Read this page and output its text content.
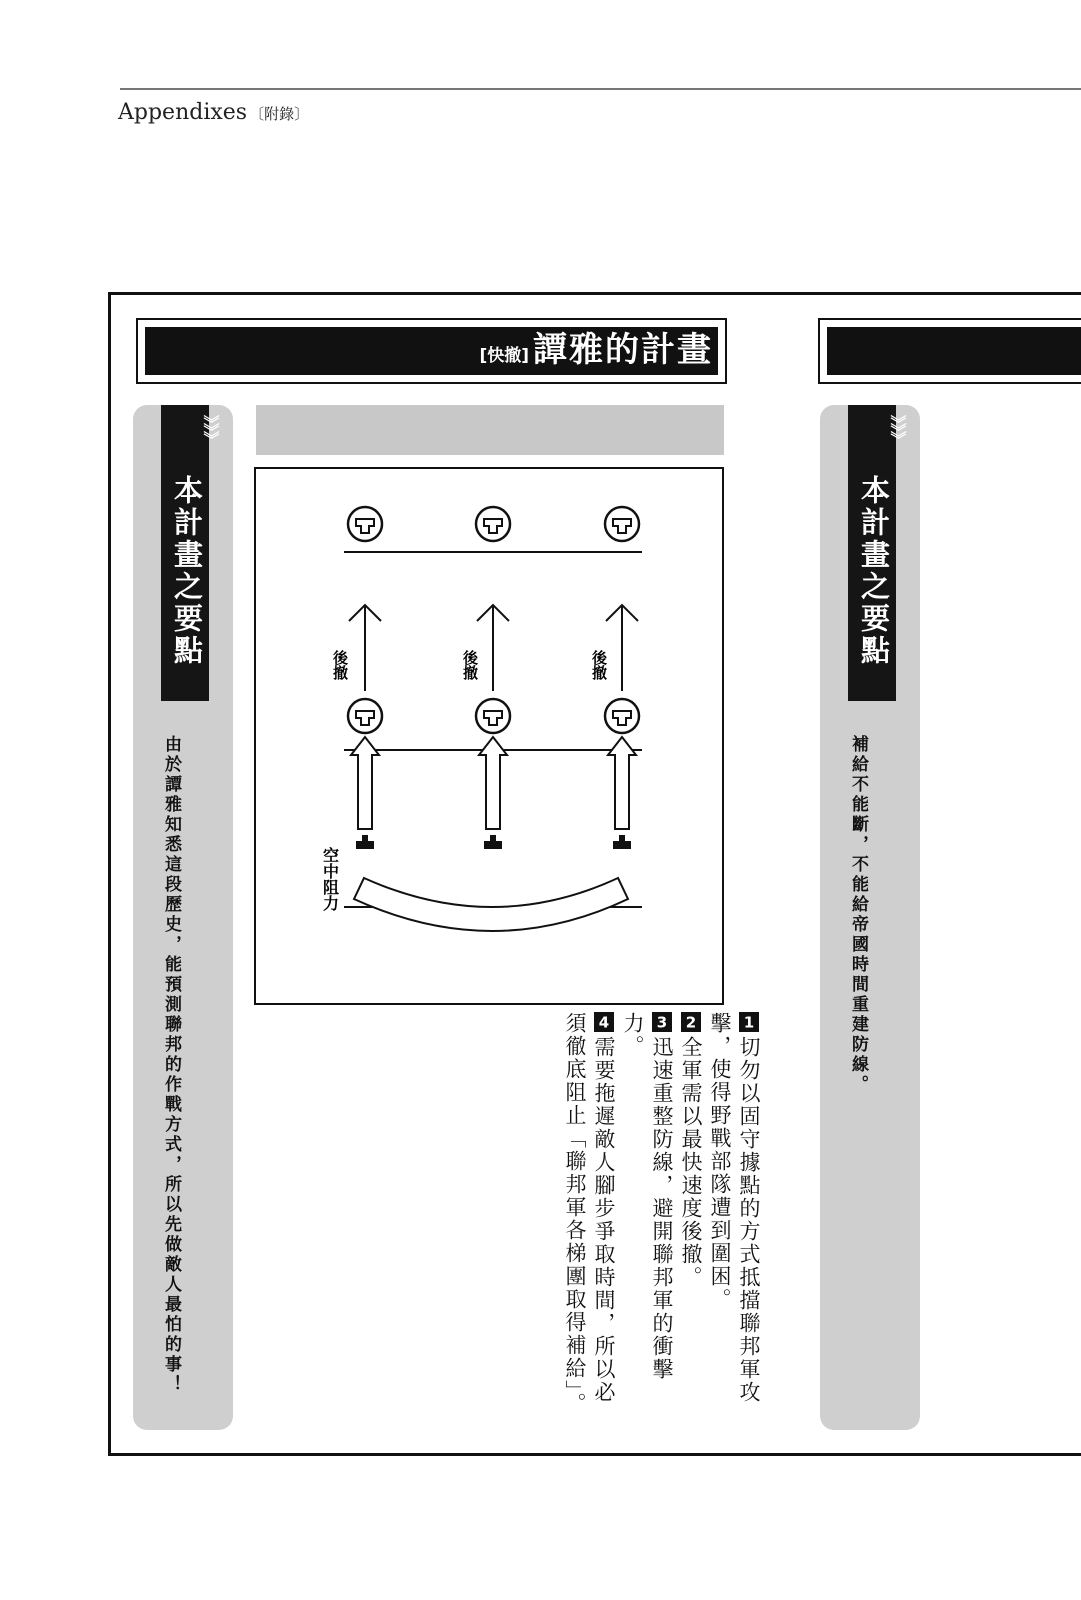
Appendixes 〔附錄〕
[快撤] 譚雅的計畫
》》》
本計畫之要點
由於譚雅知悉這段歷史，能預測聯邦的作戰方式，所以先做敵人最怕的事！
》》》
本計畫之要點
補給不能斷，不能給帝國時間重建防線。
後撤	後撤	後撤
空中阻力
1切勿以固守據點的方式抵擋聯邦軍攻擊，使得野戰部隊遭到圍困。
2全軍需以最快速度後撤。
3迅速重整防線，避開聯邦軍的衝擊力。
4需要拖遲敵人腳步爭取時間，所以必須徹底阻止「聯邦軍各梯團取得補給」。
